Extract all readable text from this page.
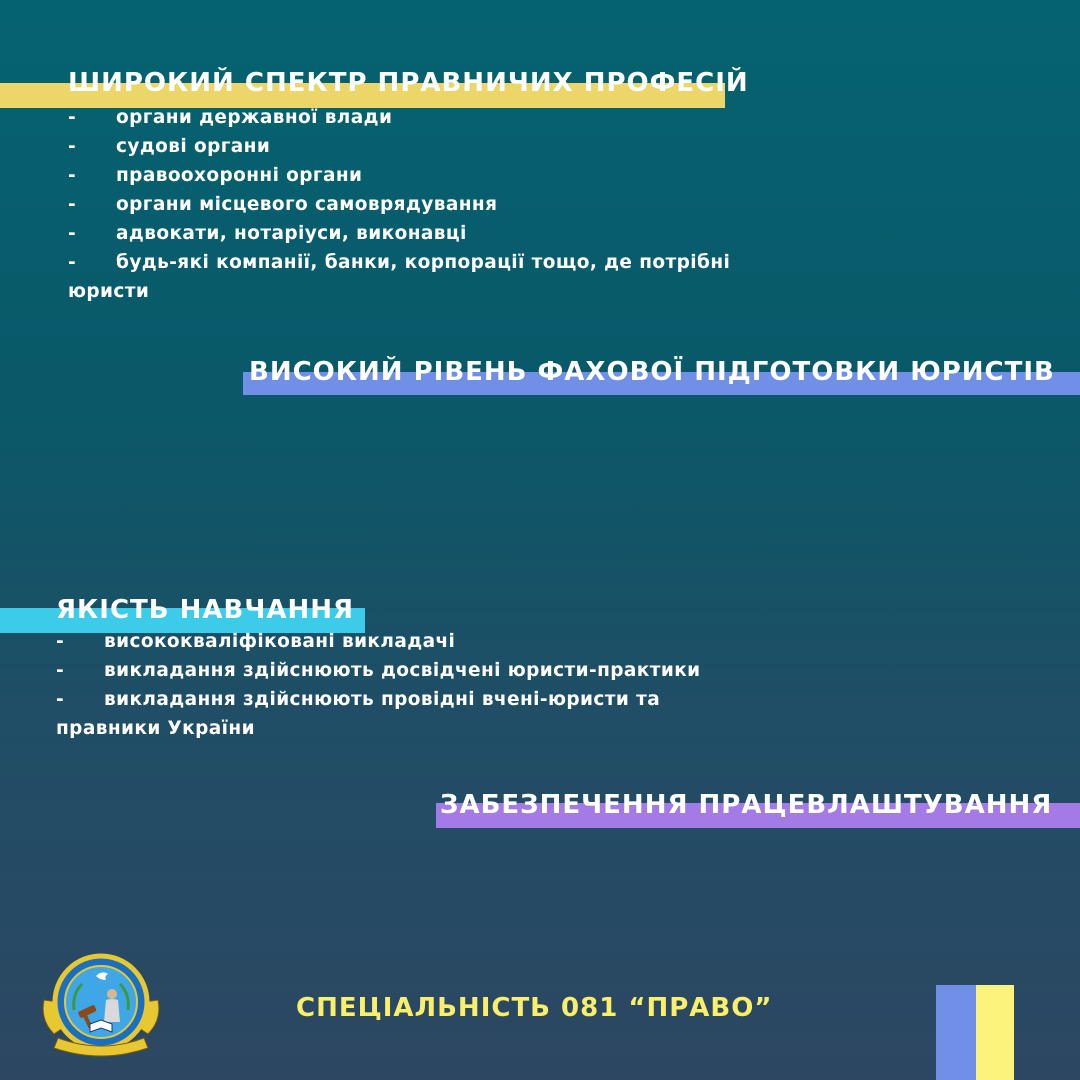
ШИРОКИЙ СПЕКТР ПРАВНИЧИХ ПРОФЕСІЙ
- органи державної влади
- судові органи
- правоохоронні органи
- органи місцевого самоврядування
- адвокати, нотаріуси, виконавці
- будь-які компанії, банки, корпорації тощо, де потрібні
юристи
ВИСОКИЙ РІВЕНЬ ФАХОВОЇ ПІДГОТОВКИ ЮРИСТІВ
ЯКІСТЬ НАВЧАННЯ
- висококваліфіковані викладачі
- викладання здійснюють досвідчені юристи-практики
- викладання здійснюють провідні вчені-юристи та
правники України
ЗАБЕЗПЕЧЕННЯ ПРАЦЕВЛАШТУВАННЯ
СПЕЦІАЛЬНІСТЬ 081 “ПРАВО”
